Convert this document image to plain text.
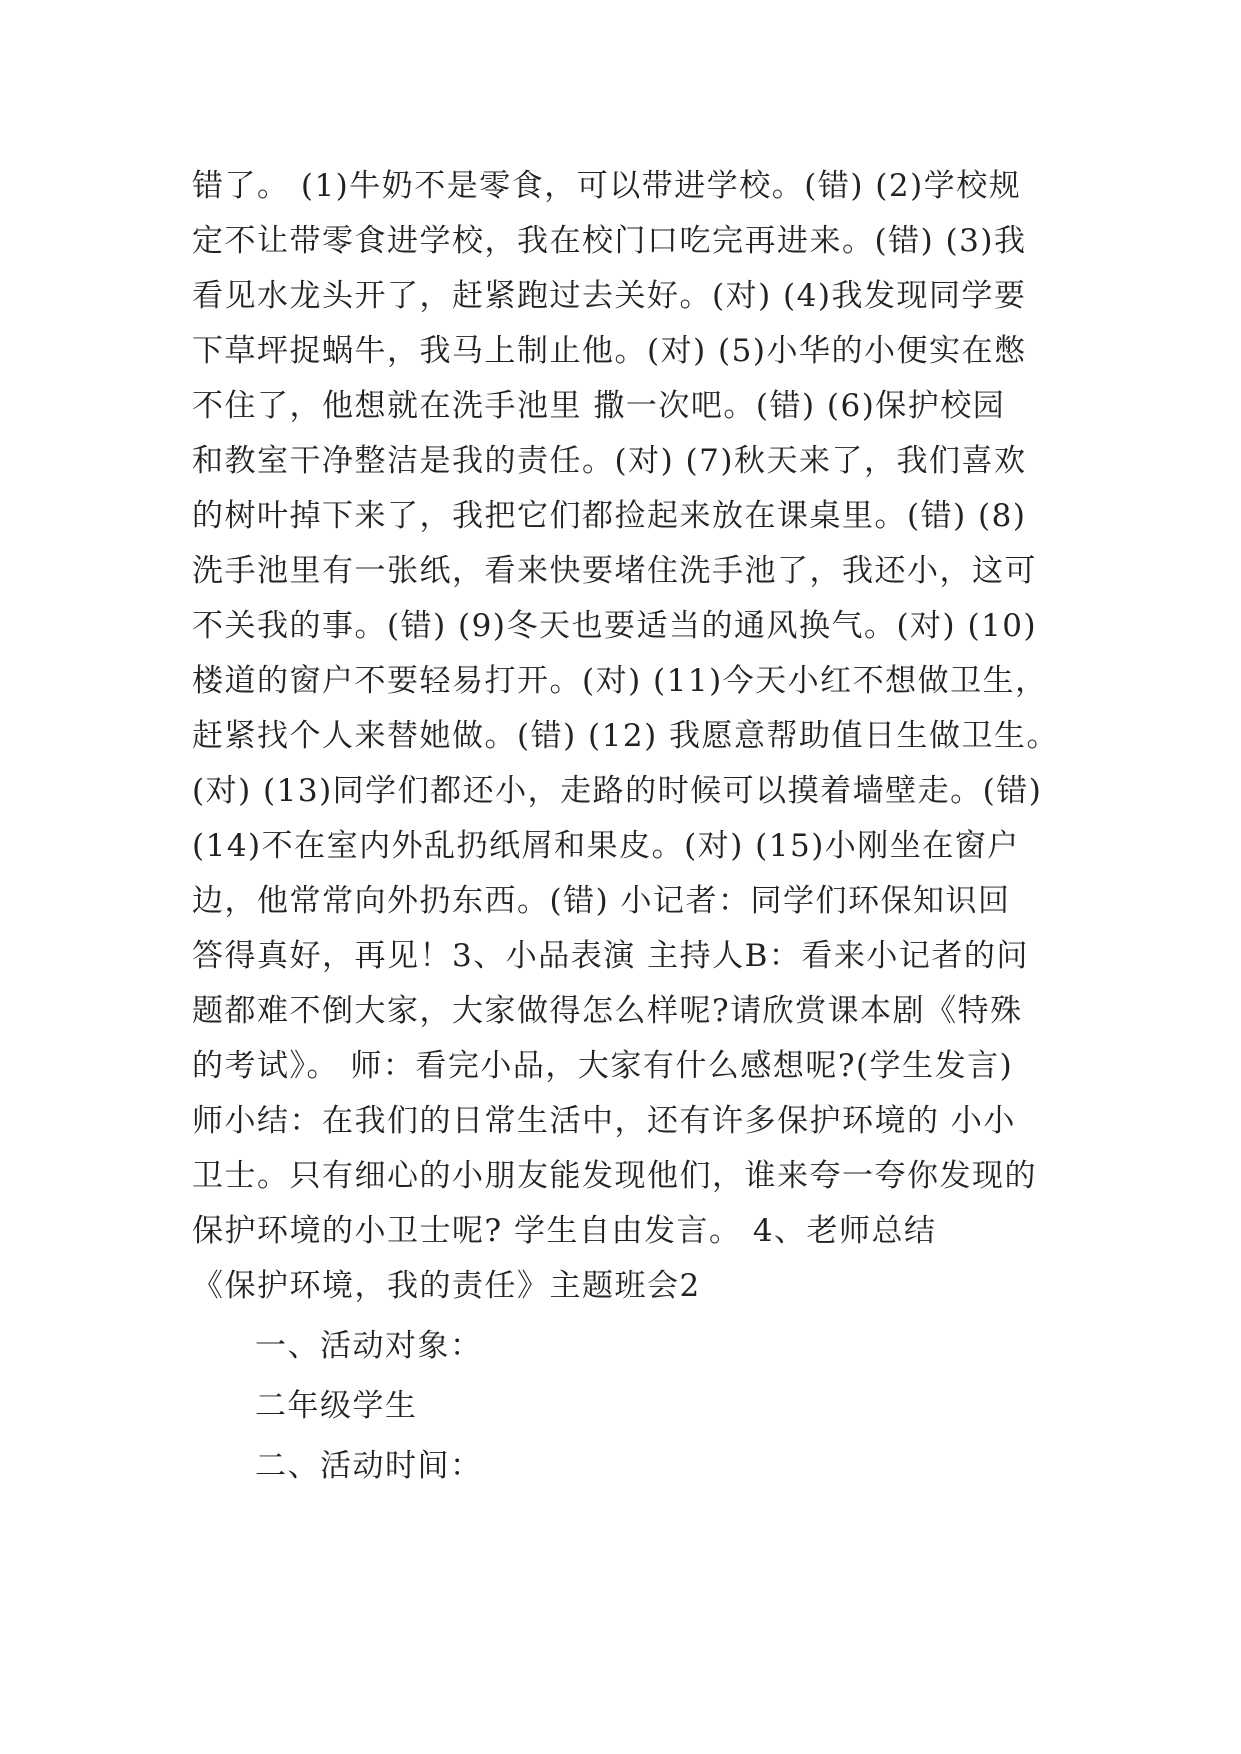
错了。 (1)牛奶不是零食，可以带进学校。(错) (2)学校规
定不让带零食进学校，我在校门口吃完再进来。(错) (3)我
看见水龙头开了，赶紧跑过去关好。(对) (4)我发现同学要
下草坪捉蜗牛，我马上制止他。(对) (5)小华的小便实在憋
不住了，他想就在洗手池里 撒一次吧。(错) (6)保护校园
和教室干净整洁是我的责任。(对) (7)秋天来了，我们喜欢
的树叶掉下来了，我把它们都捡起来放在课桌里。(错) (8)
洗手池里有一张纸，看来快要堵住洗手池了，我还小，这可
不关我的事。(错) (9)冬天也要适当的通风换气。(对) (10)
楼道的窗户不要轻易打开。(对) (11)今天小红不想做卫生，
赶紧找个人来替她做。(错) (12) 我愿意帮助值日生做卫生。
(对) (13)同学们都还小，走路的时候可以摸着墙壁走。(错)
(14)不在室内外乱扔纸屑和果皮。(对) (15)小刚坐在窗户
边，他常常向外扔东西。(错) 小记者：同学们环保知识回
答得真好，再见！3、小品表演 主持人B：看来小记者的问
题都难不倒大家，大家做得怎么样呢?请欣赏课本剧《特殊
的考试》。 师：看完小品，大家有什么感想呢?(学生发言)
师小结：在我们的日常生活中，还有许多保护环境的 小小
卫士。只有细心的小朋友能发现他们，谁来夸一夸你发现的
保护环境的小卫士呢? 学生自由发言。 4、老师总结
《保护环境，我的责任》主题班会2
一、活动对象：
二年级学生
二、活动时间：
